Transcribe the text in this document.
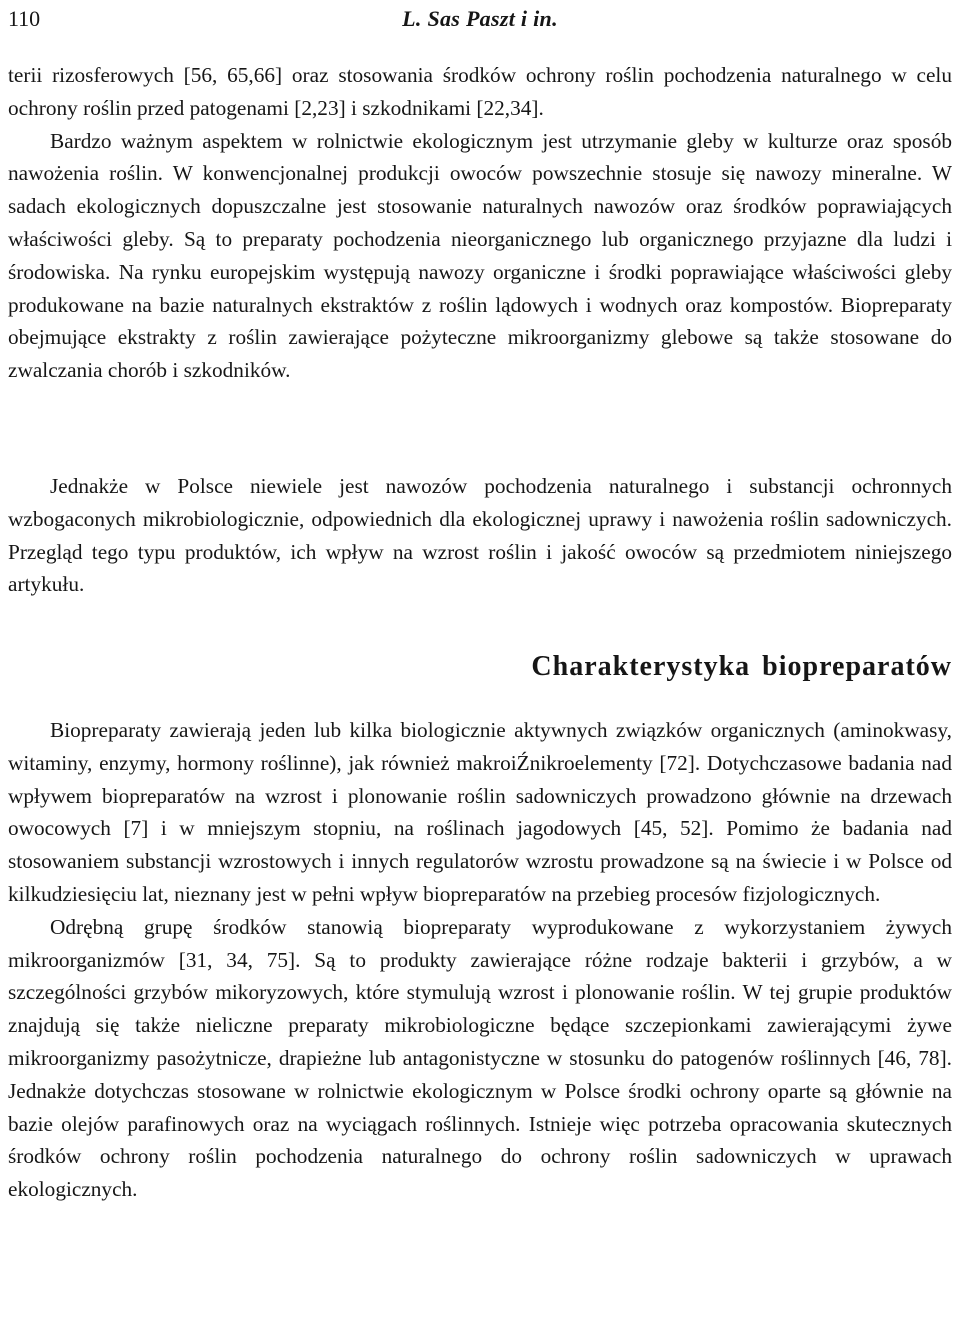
110	L. Sas Paszt i in.

terii rizosferowych [56, 65,66] oraz stosowania środków ochrony roślin pochodzenia naturalnego w celu ochrony roślin przed patogenami [2,23] i szkodnikami [22,34].

Bardzo ważnym aspektem w rolnictwie ekologicznym jest utrzymanie gleby w kulturze oraz sposób nawożenia roślin. W konwencjonalnej produkcji owoców powszechnie stosuje się nawozy mineralne. W sadach ekologicznych dopuszczalne jest stosowanie naturalnych nawozów oraz środków poprawiających właściwości gleby. Są to preparaty pochodzenia nieorganicznego lub organicznego przyjazne dla ludzi i środowiska. Na rynku europejskim występują nawozy organiczne i środki poprawiające właściwości gleby produkowane na bazie naturalnych ekstraktów z roślin lądowych i wodnych oraz kompostów. Biopreparaty obejmujące ekstrakty z roślin zawierające pożyteczne mikroorganizmy glebowe są także stosowane do zwalczania chorób i szkodników.

Jednakże w Polsce niewiele jest nawozów pochodzenia naturalnego i substancji ochronnych wzbogaconych mikrobiologicznie, odpowiednich dla ekologicznej uprawy i nawożenia roślin sadowniczych. Przegląd tego typu produktów, ich wpływ na wzrost roślin i jakość owoców są przedmiotem niniejszego artykułu.

Charakterystyka biopreparatów

Biopreparaty zawierają jeden lub kilka biologicznie aktywnych związków organicznych (aminokwasy, witaminy, enzymy, hormony roślinne), jak również makroiŹnikroelementy [72]. Dotychczasowe badania nad wpływem biopreparatów na wzrost i plonowanie roślin sadowniczych prowadzono głównie na drzewach owocowych [7] i w mniejszym stopniu, na roślinach jagodowych [45, 52]. Pomimo że badania nad stosowaniem substancji wzrostowych i innych regulatorów wzrostu prowadzone są na świecie i w Polsce od kilkudziesięciu lat, nieznany jest w pełni wpływ biopreparatów na przebieg procesów fizjologicznych.

Odrębną grupę środków stanowią biopreparaty wyprodukowane z wykorzystaniem żywych mikroorganizmów [31, 34, 75]. Są to produkty zawierające różne rodzaje bakterii i grzybów, a w szczególności grzybów mikoryzowych, które stymulują wzrost i plonowanie roślin. W tej grupie produktów znajdują się także nieliczne preparaty mikrobiologiczne będące szczepionkami zawierającymi żywe mikroorganizmy pasożytnicze, drapieżne lub antagonistyczne w stosunku do patogenów roślinnych [46, 78]. Jednakże dotychczas stosowane w rolnictwie ekologicznym w Polsce środki ochrony oparte są głównie na bazie olejów parafinowych oraz na wyciągach roślinnych. Istnieje więc potrzeba opracowania skutecznych środków ochrony roślin pochodzenia naturalnego do ochrony roślin sadowniczych w uprawach ekologicznych.
